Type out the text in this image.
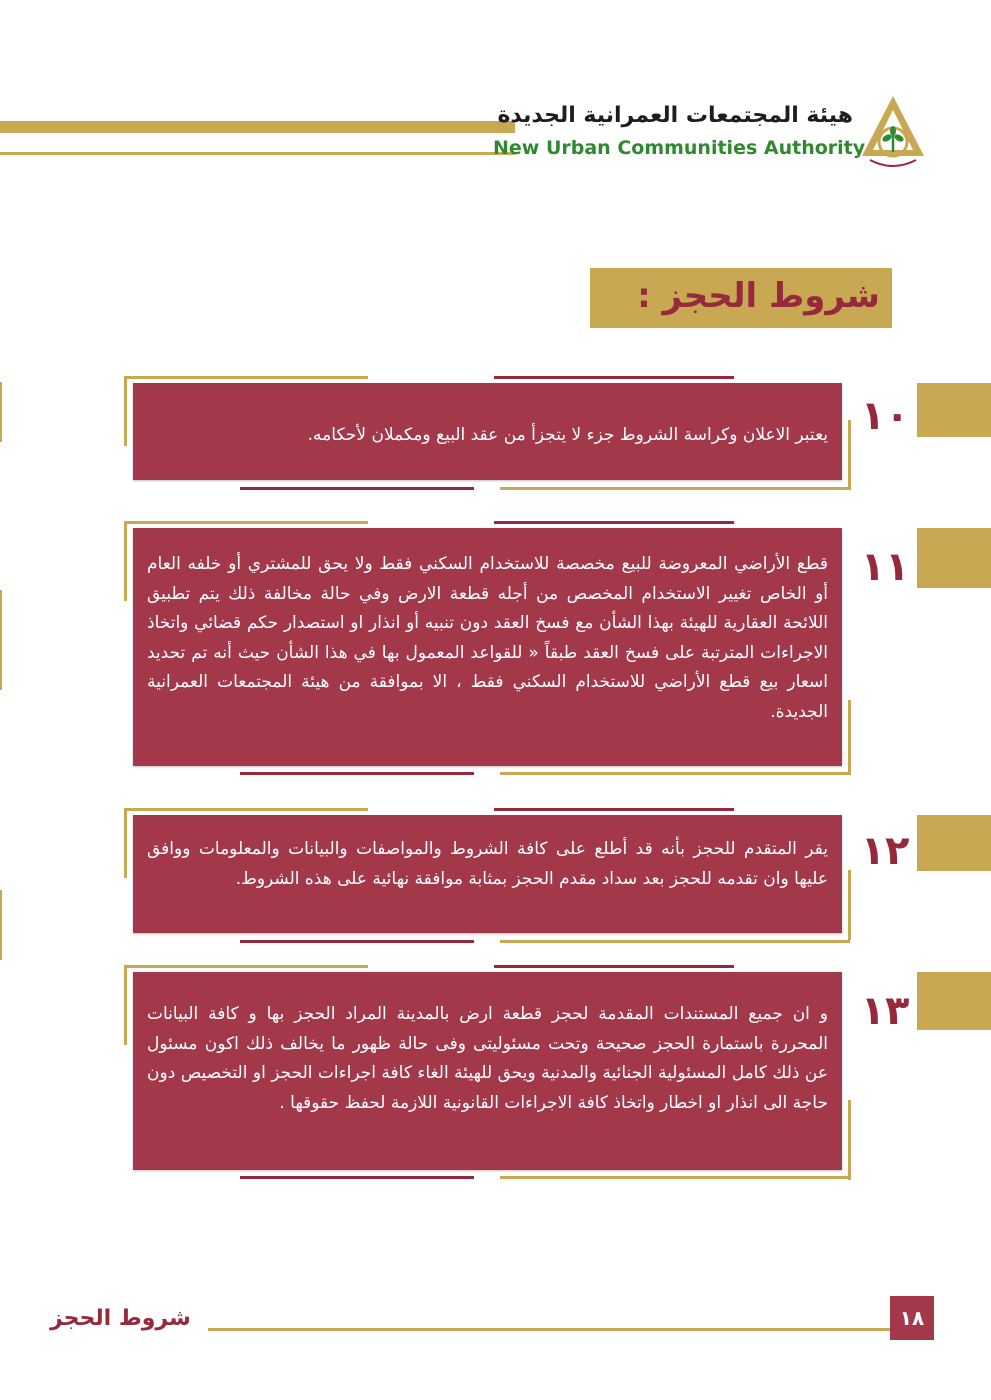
هيئة المجتمعات العمرانية الجديدة
New Urban Communities Authority
شروط الحجز :
١٠
يعتبر الاعلان وكراسة الشروط جزء لا يتجزأ من عقد البيع ومكملان لأحكامه.
١١
قطع الأراضي المعروضة للبيع مخصصة للاستخدام السكني فقط ولا يحق للمشتري أو خلفه العام أو الخاص تغيير الاستخدام المخصص من أجله قطعة الارض وفي حالة مخالفة ذلك يتم تطبيق اللائحة العقارية للهيئة بهذا الشأن مع فسخ العقد دون تنبيه أو انذار او استصدار حكم قضائي واتخاذ الاجراءات المترتبة على فسخ العقد طبقاً « للقواعد المعمول بها في هذا الشأن حيث أنه تم تحديد اسعار بيع قطع الأراضي للاستخدام السكني فقط ، الا بموافقة من هيئة المجتمعات العمرانية الجديدة.
١٢
يقر المتقدم للحجز بأنه قد أطلع على كافة الشروط والمواصفات والبيانات والمعلومات ووافق عليها وان تقدمه للحجز بعد سداد مقدم الحجز بمثابة موافقة نهائية على هذه الشروط.
١٣
و ان جميع المستندات المقدمة لحجز قطعة ارض بالمدينة المراد الحجز بها و كافة البيانات المحررة باستمارة الحجز صحيحة وتحت مسئوليتى وفى حالة ظهور ما يخالف ذلك اكون مسئول عن ذلك كامل المسئولية الجنائية والمدنية ويحق للهيئة الغاء كافة اجراءات الحجز او التخصيص دون حاجة الى انذار او اخطار واتخاذ كافة الاجراءات القانونية اللازمة لحفظ حقوقها .
شروط الحجز	١٨
